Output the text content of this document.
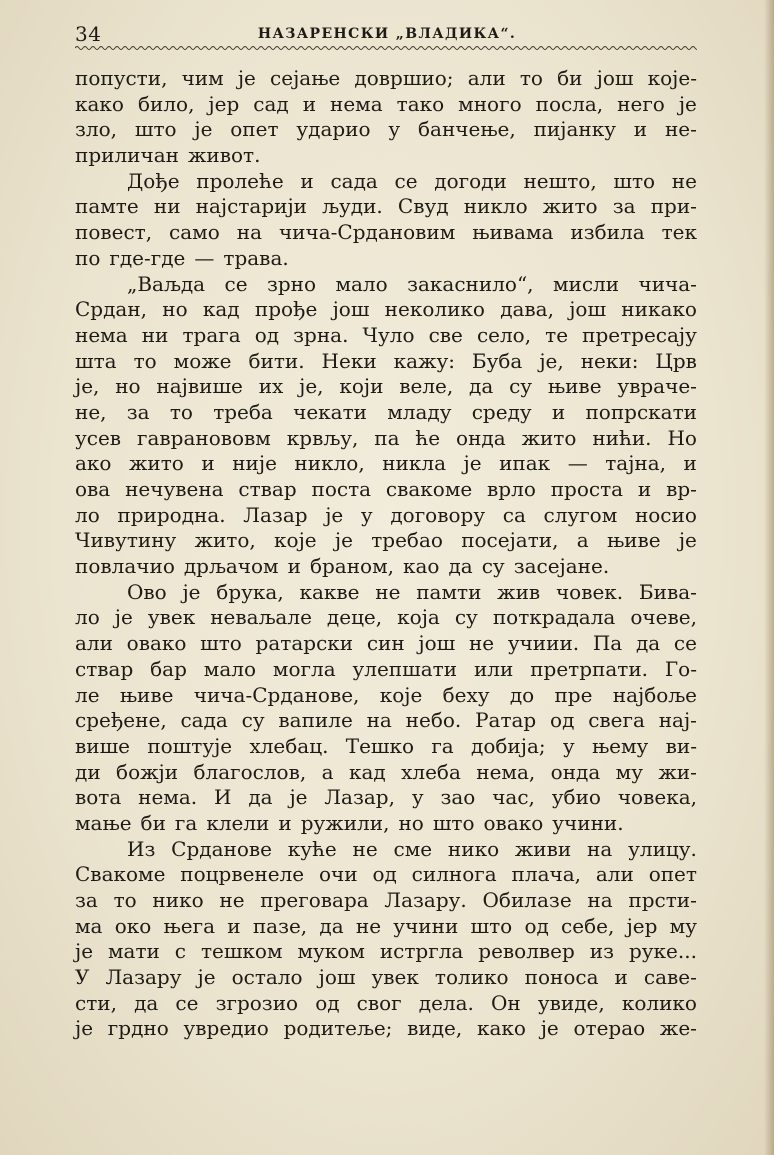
34	НАЗАРЕНСКИ „ВЛАДИКА“.
попусти, чим је сејање довршио; али то би још које-
како било, јер сад и нема тако много посла, него је
зло, што је опет ударио у банчење, пијанку и не-
приличан живот.
Дође пролеће и сада се догоди нешто, што не
памте ни најстарији људи. Свуд никло жито за при-
повест, само на чича-Срдановим њивама избила тек
по где-где — трава.
„Ваљда се зрно мало закаснило“, мисли чича-
Срдан, но кад прође још неколико дава, још никако
нема ни трага од зрна. Чуло све село, те претресају
шта то може бити. Неки кажу: Буба је, неки: Црв
је, но највише их је, који веле, да су њиве увраче-
не, за то треба чекати младу среду и попрскати
усев гавранововм крвљу, па ће онда жито нићи. Но
ако жито и није никло, никла је ипак — тајна, и
ова нечувена ствар поста свакоме врло проста и вр-
ло природна. Лазар је у договору са слугом носио
Чивутину жито, које је требао посејати, а њиве је
повлачио дрљачом и браном, као да су засејане.
Ово је брука, какве не памти жив човек. Бива-
ло је увек неваљале деце, која су поткрадала очеве,
али овако што ратарски син још не учиии. Па да се
ствар бар мало могла улепшати или претрпати. Го-
ле њиве чича-Срданове, које беху до пре најбоље
сређене, сада су вапиле на небо. Ратар од свега нај-
више поштује хлебац. Тешко га добија; у њему ви-
ди божји благослов, а кад хлеба нема, онда му жи-
вота нема. И да је Лазар, у зао час, убио човека,
мање би га клели и ружили, но што овако учини.
Из Срданове куће не сме нико живи на улицу.
Свакоме поцрвенеле очи од силнога плача, али опет
за то нико не преговара Лазару. Обилазе на прсти-
ма око њега и пазе, да не учини што од себе, јер му
је мати с тешком муком истргла револвер из руке...
У Лазару је остало још увек толико поноса и саве-
сти, да се згрозио од свог дела. Он увиде, колико
је грдно увредио родитеље; виде, како је отерао же-
